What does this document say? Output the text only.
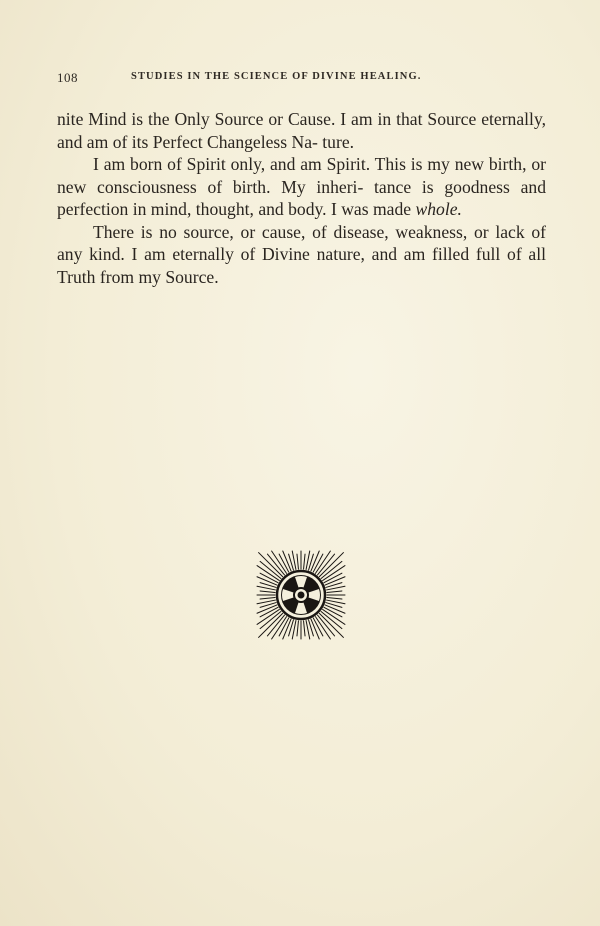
108	STUDIES IN THE SCIENCE OF DIVINE HEALING.

nite Mind is the Only Source or Cause. I am in that Source eternally, and am of its Perfect Changeless Na- ture.

I am born of Spirit only, and am Spirit. This is my new birth, or new consciousness of birth. My inheri- tance is goodness and perfection in mind, thought, and body. I was made whole.

There is no source, or cause, of disease, weakness, or lack of any kind. I am eternally of Divine nature, and am filled full of all Truth from my Source.
